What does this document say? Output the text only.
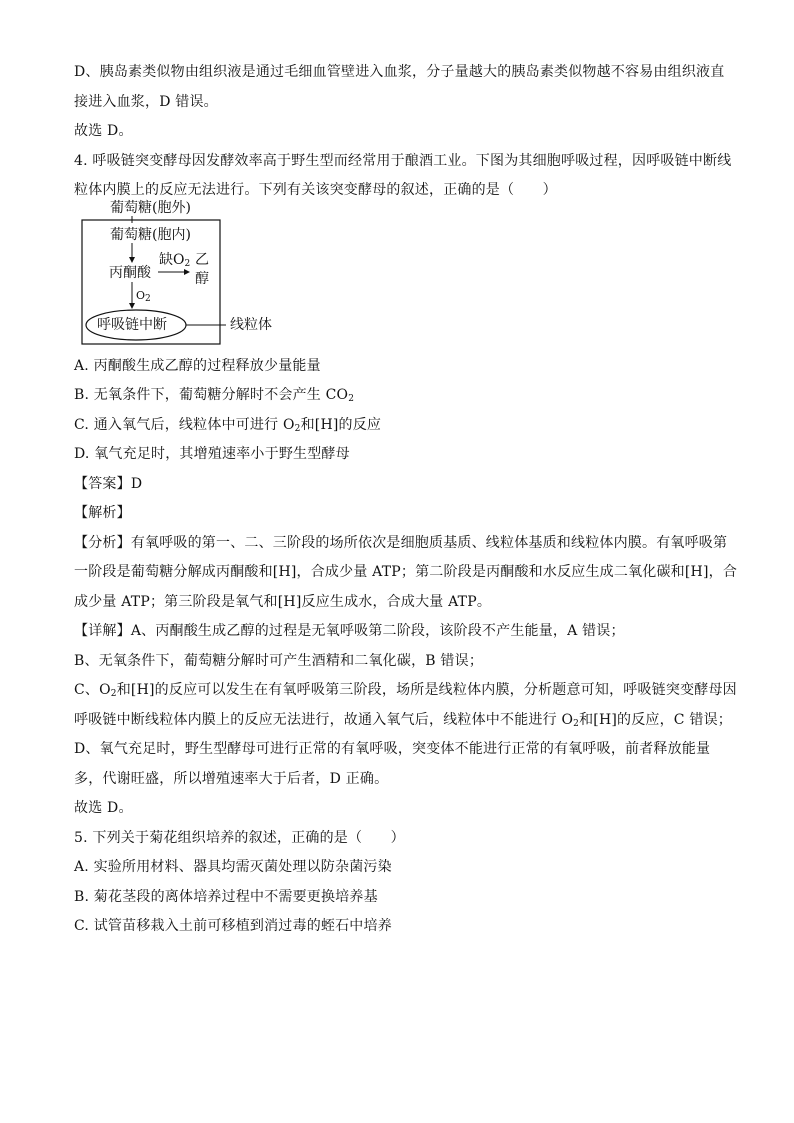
D、胰岛素类似物由组织液是通过毛细血管壁进入血浆，分子量越大的胰岛素类似物越不容易由组织液直
接进入血浆，D 错误。
故选 D。
4. 呼吸链突变酵母因发酵效率高于野生型而经常用于酿酒工业。下图为其细胞呼吸过程，因呼吸链中断线
粒体内膜上的反应无法进行。下列有关该突变酵母的叙述，正确的是（　　）
葡萄糖(胞外)
葡萄糖(胞内)
丙酮酸
缺$O_2$ 乙
醇
$O_2$
呼吸链中断	线粒体
A. 丙酮酸生成乙醇的过程释放少量能量
B. 无氧条件下，葡萄糖分解时不会产生 $CO_2$
C. 通入氧气后，线粒体中可进行 $O_2$和[H]的反应
D. 氧气充足时，其增殖速率小于野生型酵母
【答案】D
【解析】
【分析】有氧呼吸的第一、二、三阶段的场所依次是细胞质基质、线粒体基质和线粒体内膜。有氧呼吸第
一阶段是葡萄糖分解成丙酮酸和[H]，合成少量 ATP；第二阶段是丙酮酸和水反应生成二氧化碳和[H]，合
成少量 ATP；第三阶段是氧气和[H]反应生成水，合成大量 ATP。
【详解】A、丙酮酸生成乙醇的过程是无氧呼吸第二阶段，该阶段不产生能量，A 错误；
B、无氧条件下，葡萄糖分解时可产生酒精和二氧化碳，B 错误；
C、$O_2$和[H]的反应可以发生在有氧呼吸第三阶段，场所是线粒体内膜，分析题意可知，呼吸链突变酵母因
呼吸链中断线粒体内膜上的反应无法进行，故通入氧气后，线粒体中不能进行 $O_2$和[H]的反应，C 错误；
D、氧气充足时，野生型酵母可进行正常的有氧呼吸，突变体不能进行正常的有氧呼吸，前者释放能量
多，代谢旺盛，所以增殖速率大于后者，D 正确。
故选 D。
5. 下列关于菊花组织培养的叙述，正确的是（　　）
A. 实验所用材料、器具均需灭菌处理以防杂菌污染
B. 菊花茎段的离体培养过程中不需要更换培养基
C. 试管苗移栽入土前可移植到消过毒的蛭石中培养
